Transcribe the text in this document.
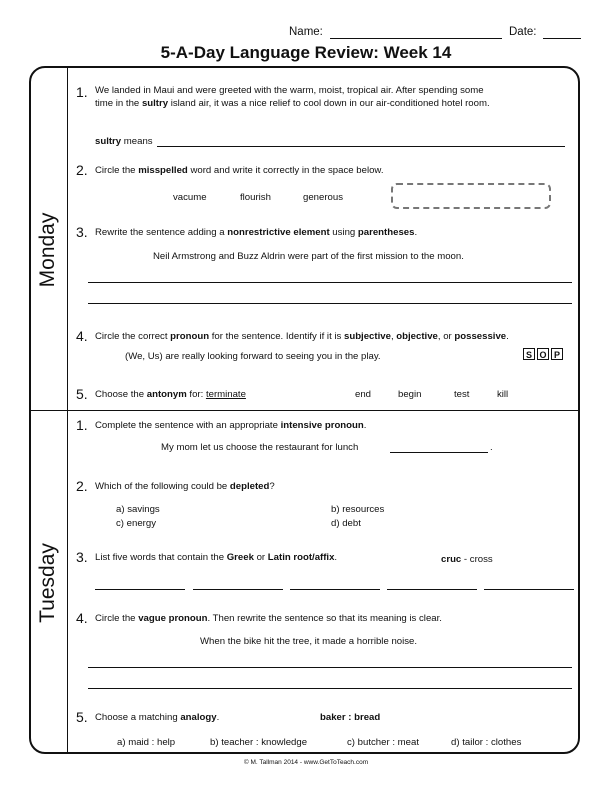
Name:	Date:
5-A-Day Language Review: Week 14
Monday
Tuesday
1. We landed in Maui and were greeted with the warm, moist, tropical air. After spending some
time in the sultry island air, it was a nice relief to cool down in our air-conditioned hotel room.
sultry means
2. Circle the misspelled word and write it correctly in the space below.
vacume	flourish	generous
3. Rewrite the sentence adding a nonrestrictive element using parentheses.
Neil Armstrong and Buzz Aldrin were part of the first mission to the moon.
4. Circle the correct pronoun for the sentence. Identify if it is subjective, objective, or possessive.
(We, Us) are really looking forward to seeing you in the play.	S O P
5. Choose the antonym for: terminate	end	begin	test	kill
1. Complete the sentence with an appropriate intensive pronoun.
My mom let us choose the restaurant for lunch	.
2. Which of the following could be depleted?
a) savings	b) resources
c) energy	d) debt
3. List five words that contain the Greek or Latin root/affix.	cruc - cross
4. Circle the vague pronoun. Then rewrite the sentence so that its meaning is clear.
When the bike hit the tree, it made a horrible noise.
5. Choose a matching analogy.	baker : bread
a) maid : help	b) teacher : knowledge	c) butcher : meat	d) tailor : clothes
© M. Tallman 2014 - www.GetToTeach.com
